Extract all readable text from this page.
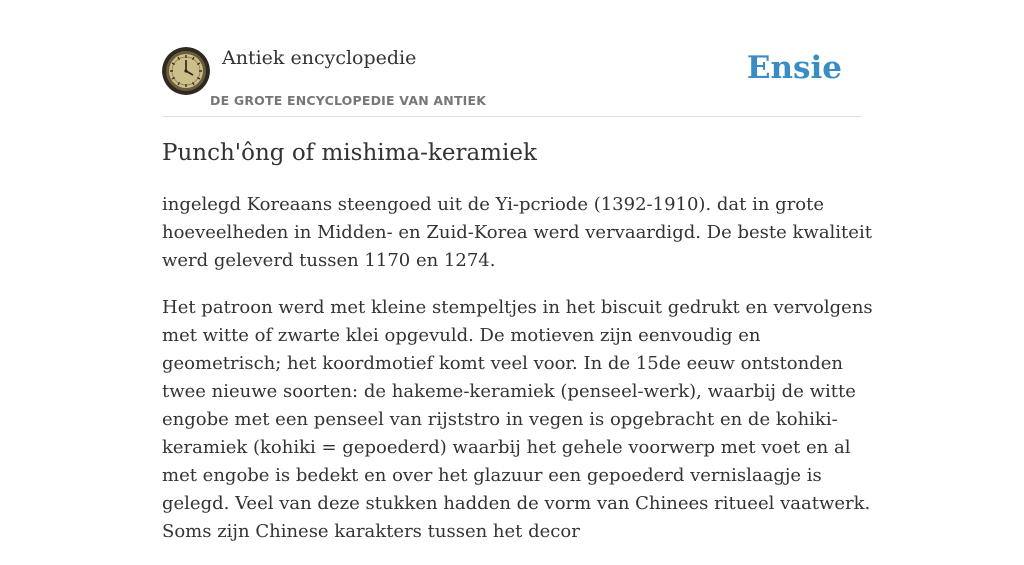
Antiek encyclopedie
DE GROTE ENCYCLOPEDIE VAN ANTIEK
Ensie
Punch'ông of mishima-keramiek

ingelegd Koreaans steengoed uit de Yi-pcriode (1392-1910). dat in grote hoeveelheden in Midden- en Zuid-Korea werd vervaardigd. De beste kwaliteit werd geleverd tussen 1170 en 1274.

Het patroon werd met kleine stempeltjes in het biscuit gedrukt en vervolgens met witte of zwarte klei opgevuld. De motieven zijn eenvoudig en geometrisch; het koordmotief komt veel voor. In de 15de eeuw ontstonden twee nieuwe soorten: de hakeme-keramiek (penseel-werk), waarbij de witte engobe met een penseel van rijststro in vegen is opgebracht en de kohiki-keramiek (kohiki = gepoederd) waarbij het gehele voorwerp met voet en al met engobe is bedekt en over het glazuur een gepoederd vernislaagje is gelegd. Veel van deze stukken hadden de vorm van Chinees ritueel vaatwerk. Soms zijn Chinese karakters tussen het decor
